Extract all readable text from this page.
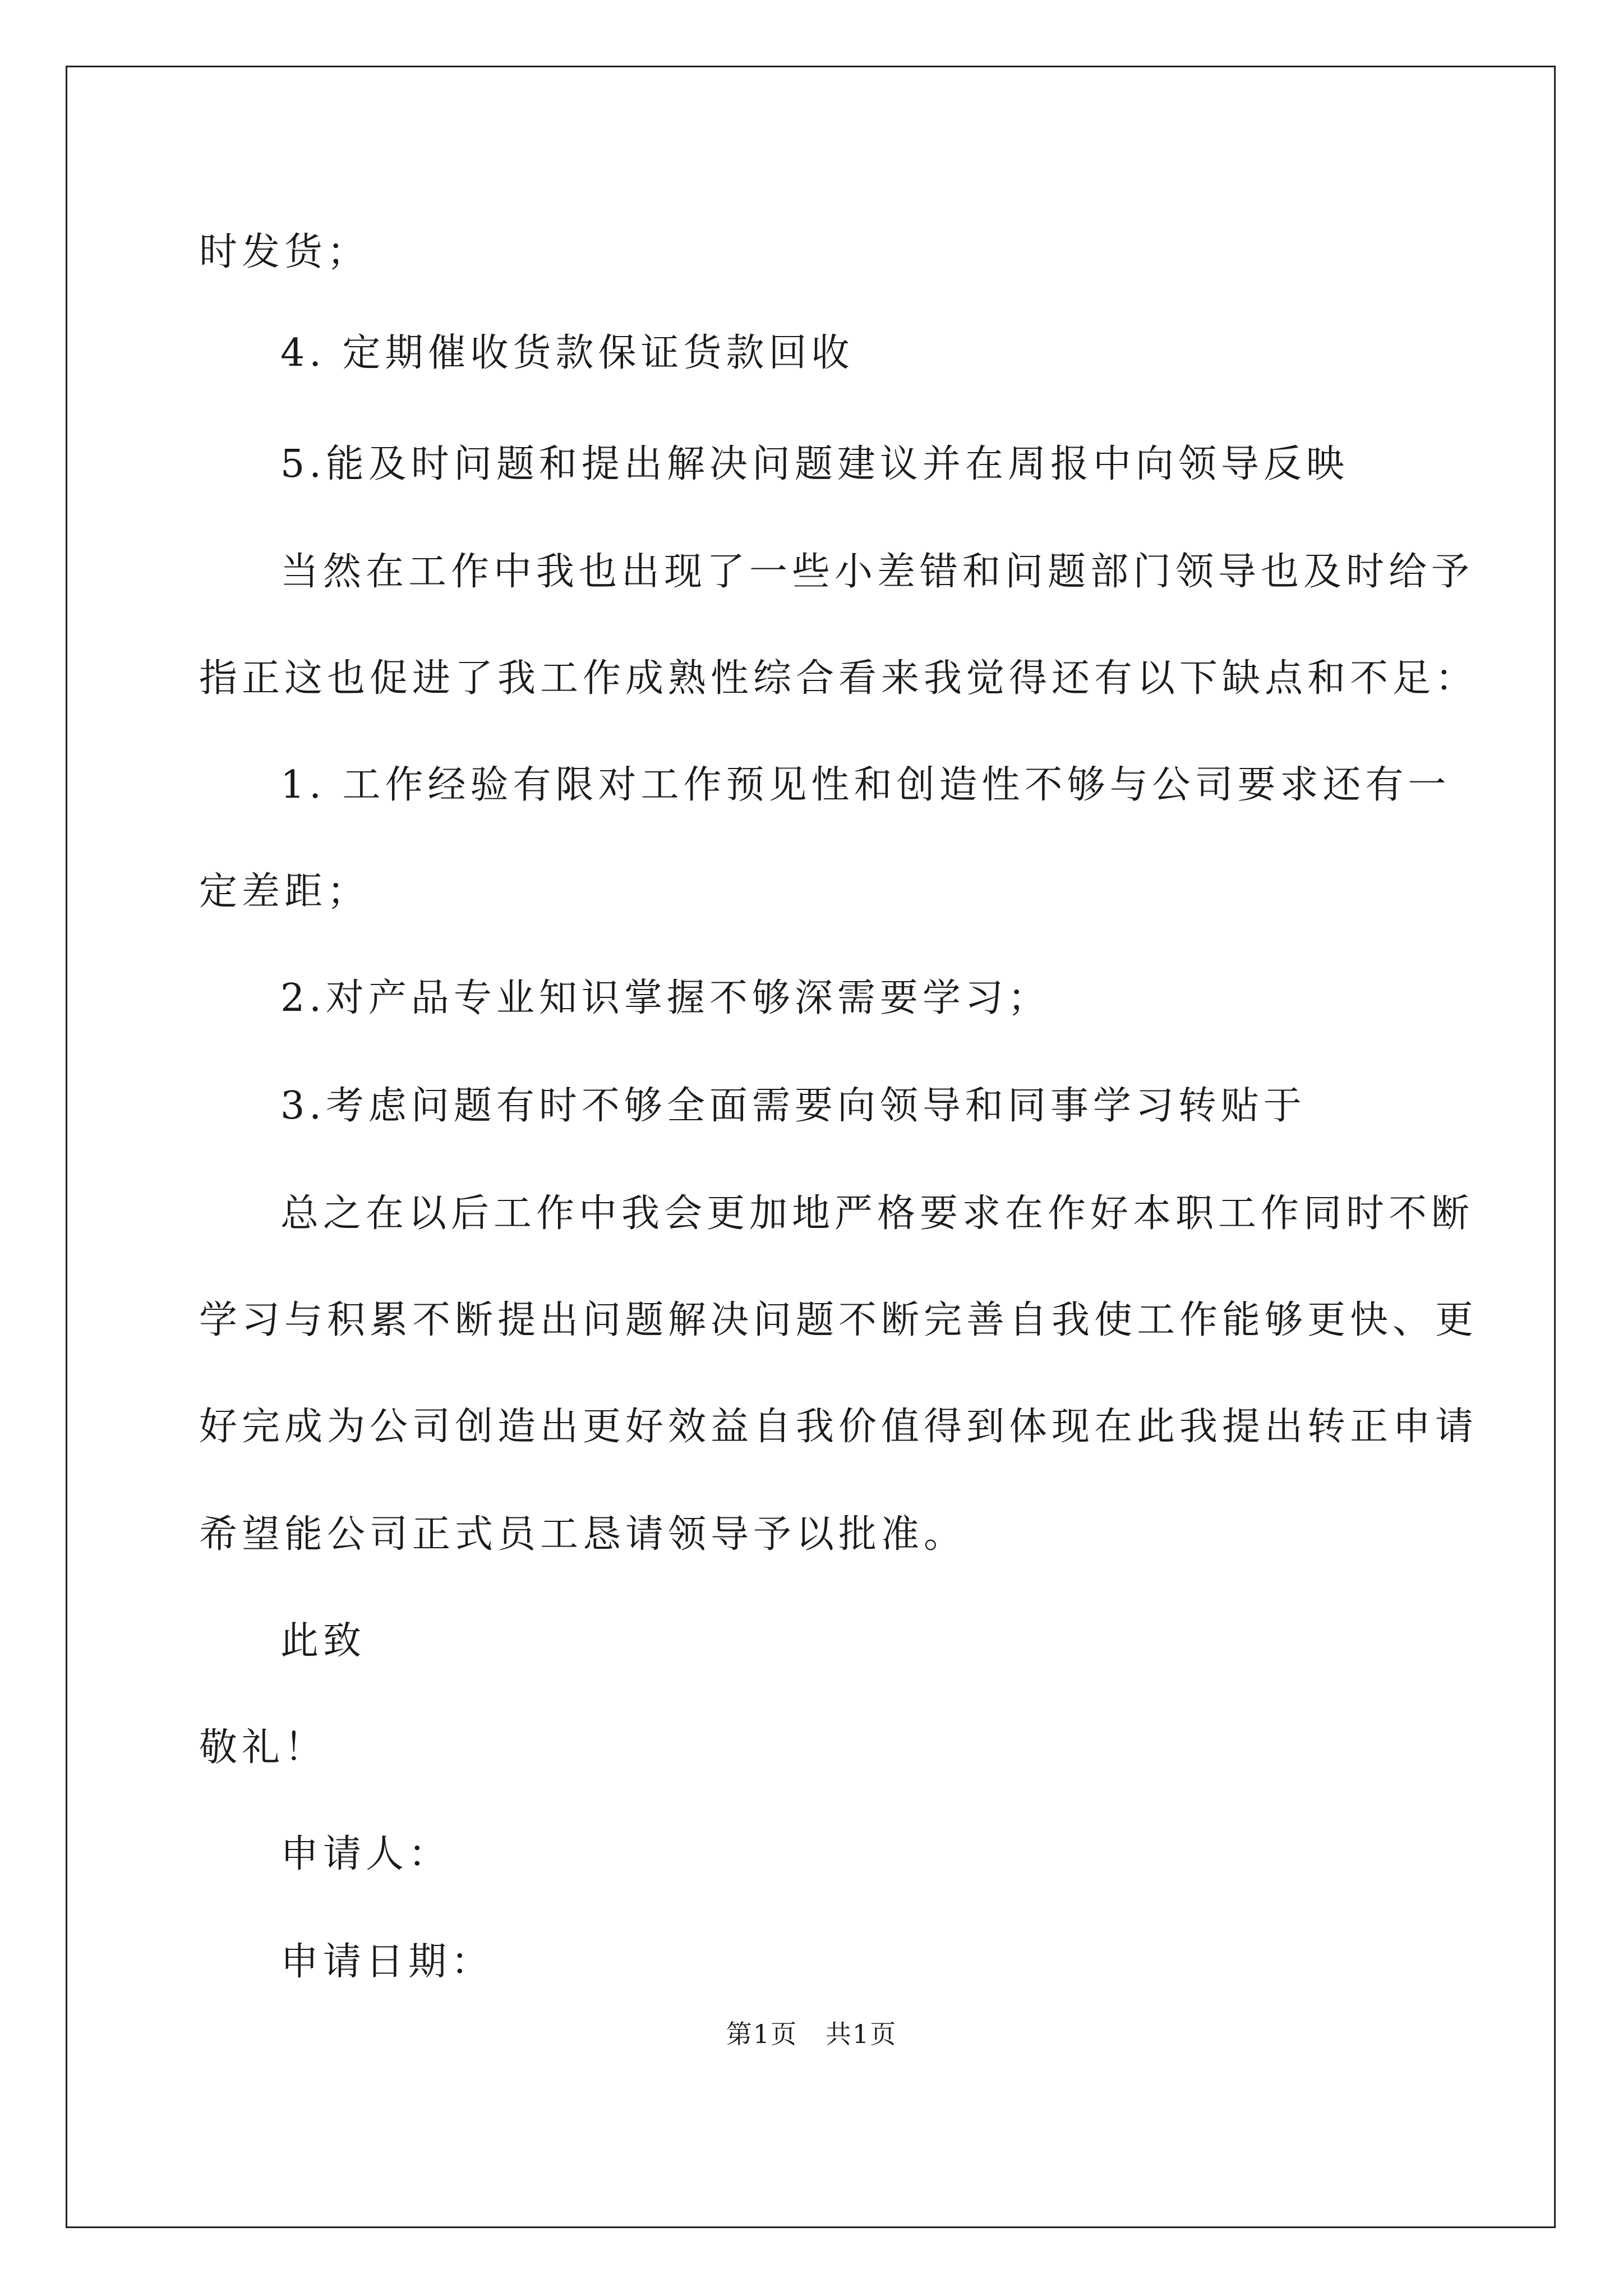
时发货；

4. 定期催收货款保证货款回收

5.能及时问题和提出解决问题建议并在周报中向领导反映

当然在工作中我也出现了一些小差错和问题部门领导也及时给予

指正这也促进了我工作成熟性综合看来我觉得还有以下缺点和不足：

1. 工作经验有限对工作预见性和创造性不够与公司要求还有一

定差距；

2.对产品专业知识掌握不够深需要学习；

3.考虑问题有时不够全面需要向领导和同事学习转贴于

总之在以后工作中我会更加地严格要求在作好本职工作同时不断

学习与积累不断提出问题解决问题不断完善自我使工作能够更快、更

好完成为公司创造出更好效益自我价值得到体现在此我提出转正申请

希望能公司正式员工恳请领导予以批准。

此致

敬礼！

申请人：

申请日期：

第1页   共1页
